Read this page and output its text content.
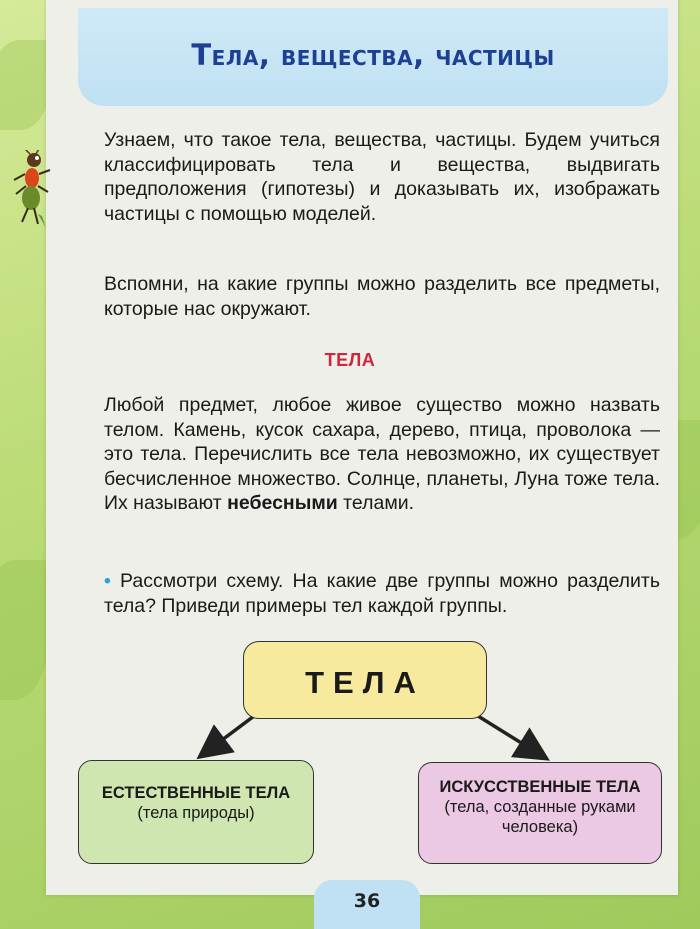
Тела, вещества, частицы

Узнаем, что такое тела, вещества, частицы. Будем учиться классифицировать тела и вещества, выдвигать предположения (гипотезы) и доказывать их, изображать частицы с помощью моделей.

Вспомни, на какие группы можно разделить все предметы, которые нас окружают.

ТЕЛА

Любой предмет, любое живое существо можно назвать телом. Камень, кусок сахара, дерево, птица, проволока — это тела. Перечислить все тела невозможно, их существует бесчисленное множество. Солнце, планеты, Луна тоже тела. Их называют небесными телами.

• Рассмотри схему. На какие две группы можно разделить тела? Приведи примеры тел каждой группы.

ТЕЛА

ЕСТЕСТВЕННЫЕ ТЕЛА

(тела природы)

ИСКУССТВЕННЫЕ ТЕЛА

(тела, созданные руками человека)

36
